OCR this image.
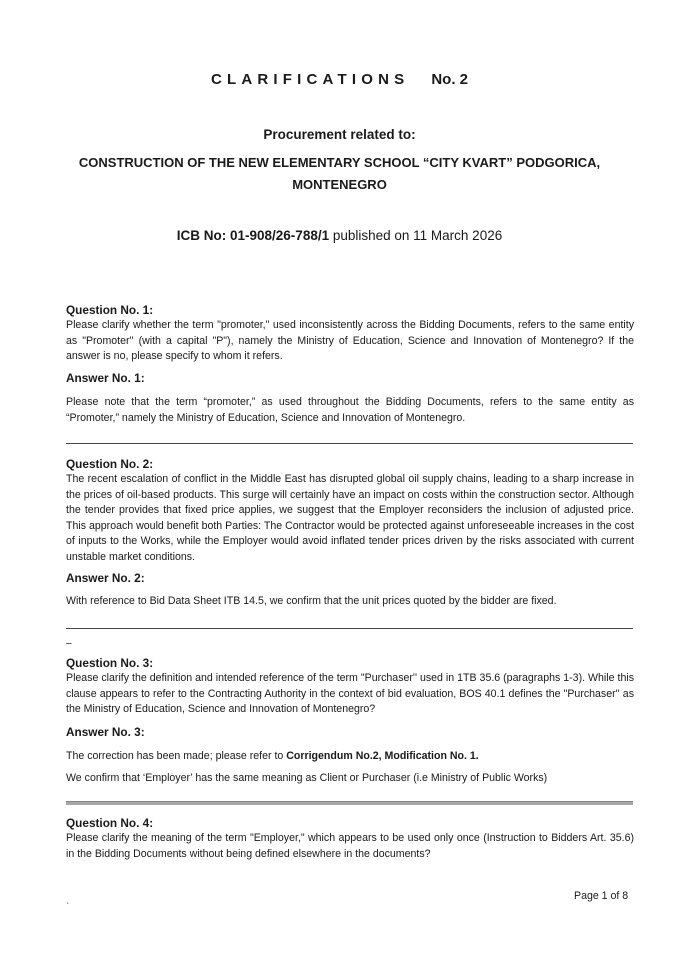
CLARIFICATIONS No. 2
Procurement related to:
CONSTRUCTION OF THE NEW ELEMENTARY SCHOOL “CITY KVART” PODGORICA,
MONTENEGRO
ICB No: 01-908/26-788/1 published on 11 March 2026
Question No. 1:
Please clarify whether the term "promoter," used inconsistently across the Bidding Documents, refers to the same entity as "Promoter'' (with a capital "P"), namely the Ministry of Education, Science and Innovation of Montenegro? If the answer is no, please specify to whom it refers.
Answer No. 1:
Please note that the term “promoter,” as used throughout the Bidding Documents, refers to the same entity as “Promoter,” namely the Ministry of Education, Science and Innovation of Montenegro.
Question No. 2:
The recent escalation of conflict in the Middle East has disrupted global oil supply chains, leading to a sharp increase in the prices of oil-based products. This surge will certainly have an impact on costs within the construction sector. Although the tender provides that fixed price applies, we suggest that the Employer reconsiders the inclusion of adjusted price. This approach would benefit both Parties: The Contractor would be protected against unforeseeable increases in the cost of inputs to the Works, while the Employer would avoid inflated tender prices driven by the risks associated with current unstable market conditions.
Answer No. 2:
With reference to Bid Data Sheet ITB 14.5, we confirm that the unit prices quoted by the bidder are fixed.
–
Question No. 3:
Please clarify the definition and intended reference of the term "Purchaser'' used in 1TB 35.6 (paragraphs 1-3). While this clause appears to refer to the Contracting Authority in the context of bid evaluation, BOS 40.1 defines the "Purchaser'' as the Ministry of Education, Science and Innovation of Montenegro?
Answer No. 3:
The correction has been made; please refer to Corrigendum No.2, Modification No. 1.
We confirm that ‘Employer’ has the same meaning as Client or Purchaser (i.e Ministry of Public Works)
Question No. 4:
Please clarify the meaning of the term "Employer," which appears to be used only once (Instruction to Bidders Art. 35.6) in the Bidding Documents without being defined elsewhere in the documents?
Page 1 of 8
`
